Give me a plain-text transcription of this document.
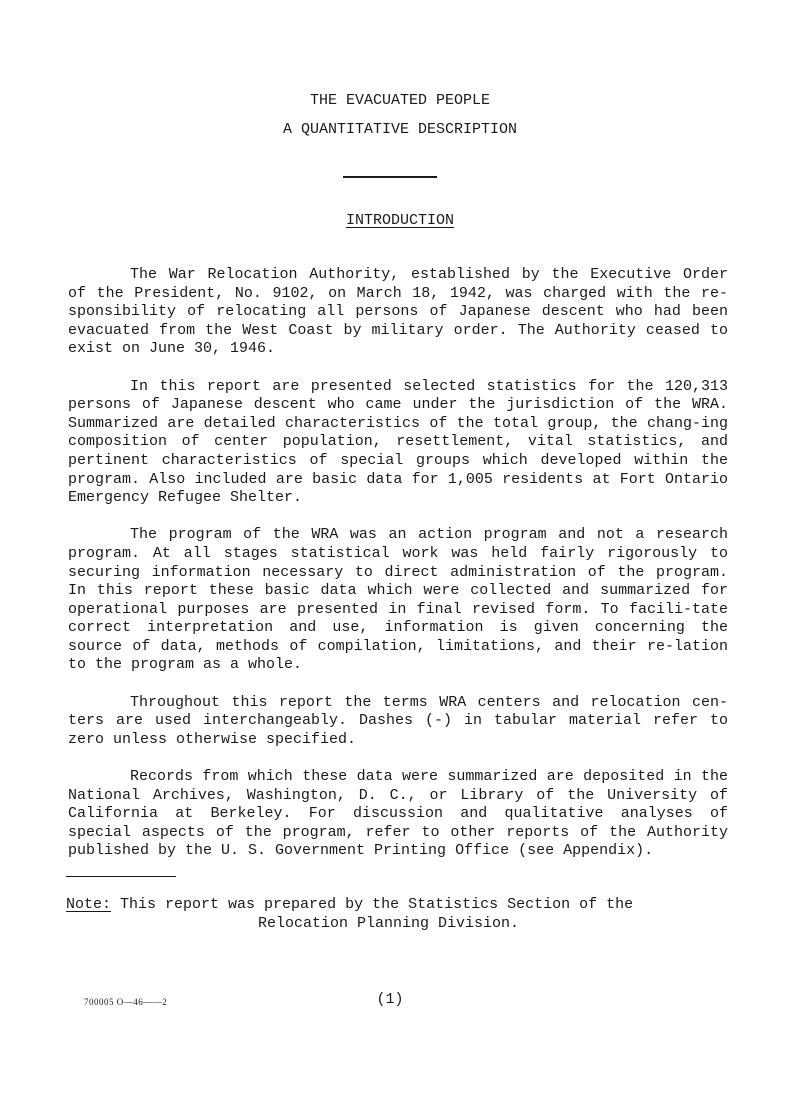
THE EVACUATED PEOPLE
A QUANTITATIVE DESCRIPTION
INTRODUCTION

The War Relocation Authority, established by the Executive Order of the President, No. 9102, on March 18, 1942, was charged with the re-sponsibility of relocating all persons of Japanese descent who had been evacuated from the West Coast by military order. The Authority ceased to exist on June 30, 1946.

In this report are presented selected statistics for the 120,313 persons of Japanese descent who came under the jurisdiction of the WRA. Summarized are detailed characteristics of the total group, the chang-ing composition of center population, resettlement, vital statistics, and pertinent characteristics of special groups which developed within the program. Also included are basic data for 1,005 residents at Fort Ontario Emergency Refugee Shelter.

The program of the WRA was an action program and not a research program. At all stages statistical work was held fairly rigorously to securing information necessary to direct administration of the program. In this report these basic data which were collected and summarized for operational purposes are presented in final revised form. To facili-tate correct interpretation and use, information is given concerning the source of data, methods of compilation, limitations, and their re-lation to the program as a whole.

Throughout this report the terms WRA centers and relocation cen-ters are used interchangeably. Dashes (-) in tabular material refer to zero unless otherwise specified.

Records from which these data were summarized are deposited in the National Archives, Washington, D. C., or Library of the University of California at Berkeley. For discussion and qualitative analyses of special aspects of the program, refer to other reports of the Authority published by the U. S. Government Printing Office (see Appendix).

Note: This report was prepared by the Statistics Section of the
Relocation Planning Division.
700005 O—46——2	(1)
